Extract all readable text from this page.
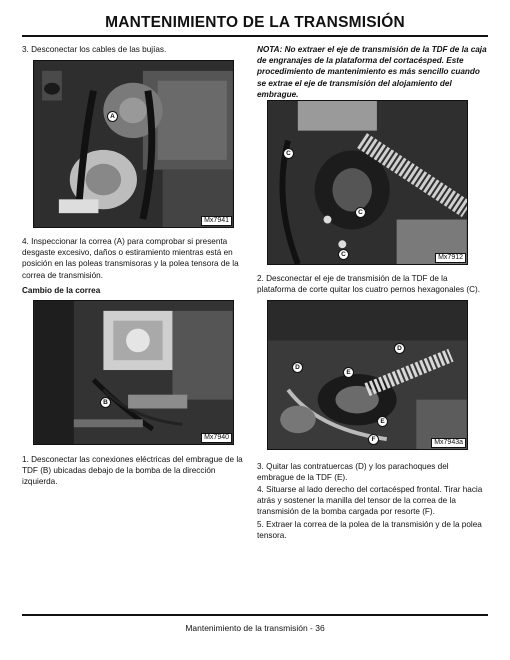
MANTENIMIENTO DE LA TRANSMISIÓN
3. Desconectar los cables de las bujías.
A
Mx7941
4. Inspeccionar la correa (A) para comprobar si presenta desgaste excesivo, daños o estiramiento mientras está en posición en las poleas transmisoras y la polea tensora de la correa de transmisión.
Cambio de la correa
B
Mx7940
1. Desconectar las conexiones eléctricas del embrague de la TDF (B) ubicadas debajo de la bomba de la dirección izquierda.
NOTA: No extraer el eje de transmisión de la TDF de la caja de engranajes de la plataforma del cortacésped. Este procedimiento de mantenimiento es más sencillo cuando se extrae el eje de transmisión del alojamiento del embrague.
C
C
C	Mx7912
2. Desconectar el eje de transmisión de la TDF de la plataforma de corte quitar los cuatro pernos hexagonales (C).
D
D
E
E
F	Mx7943a
3. Quitar las contratuercas (D) y los parachoques del embrague de la TDF (E).
4. Situarse al lado derecho del cortacésped frontal. Tirar hacia atrás y sostener la manilla del tensor de la correa de la transmisión de la bomba cargada por resorte (F).
5. Extraer la correa de la polea de la transmisión y de la polea tensora.
Mantenimiento de la transmisión - 36
